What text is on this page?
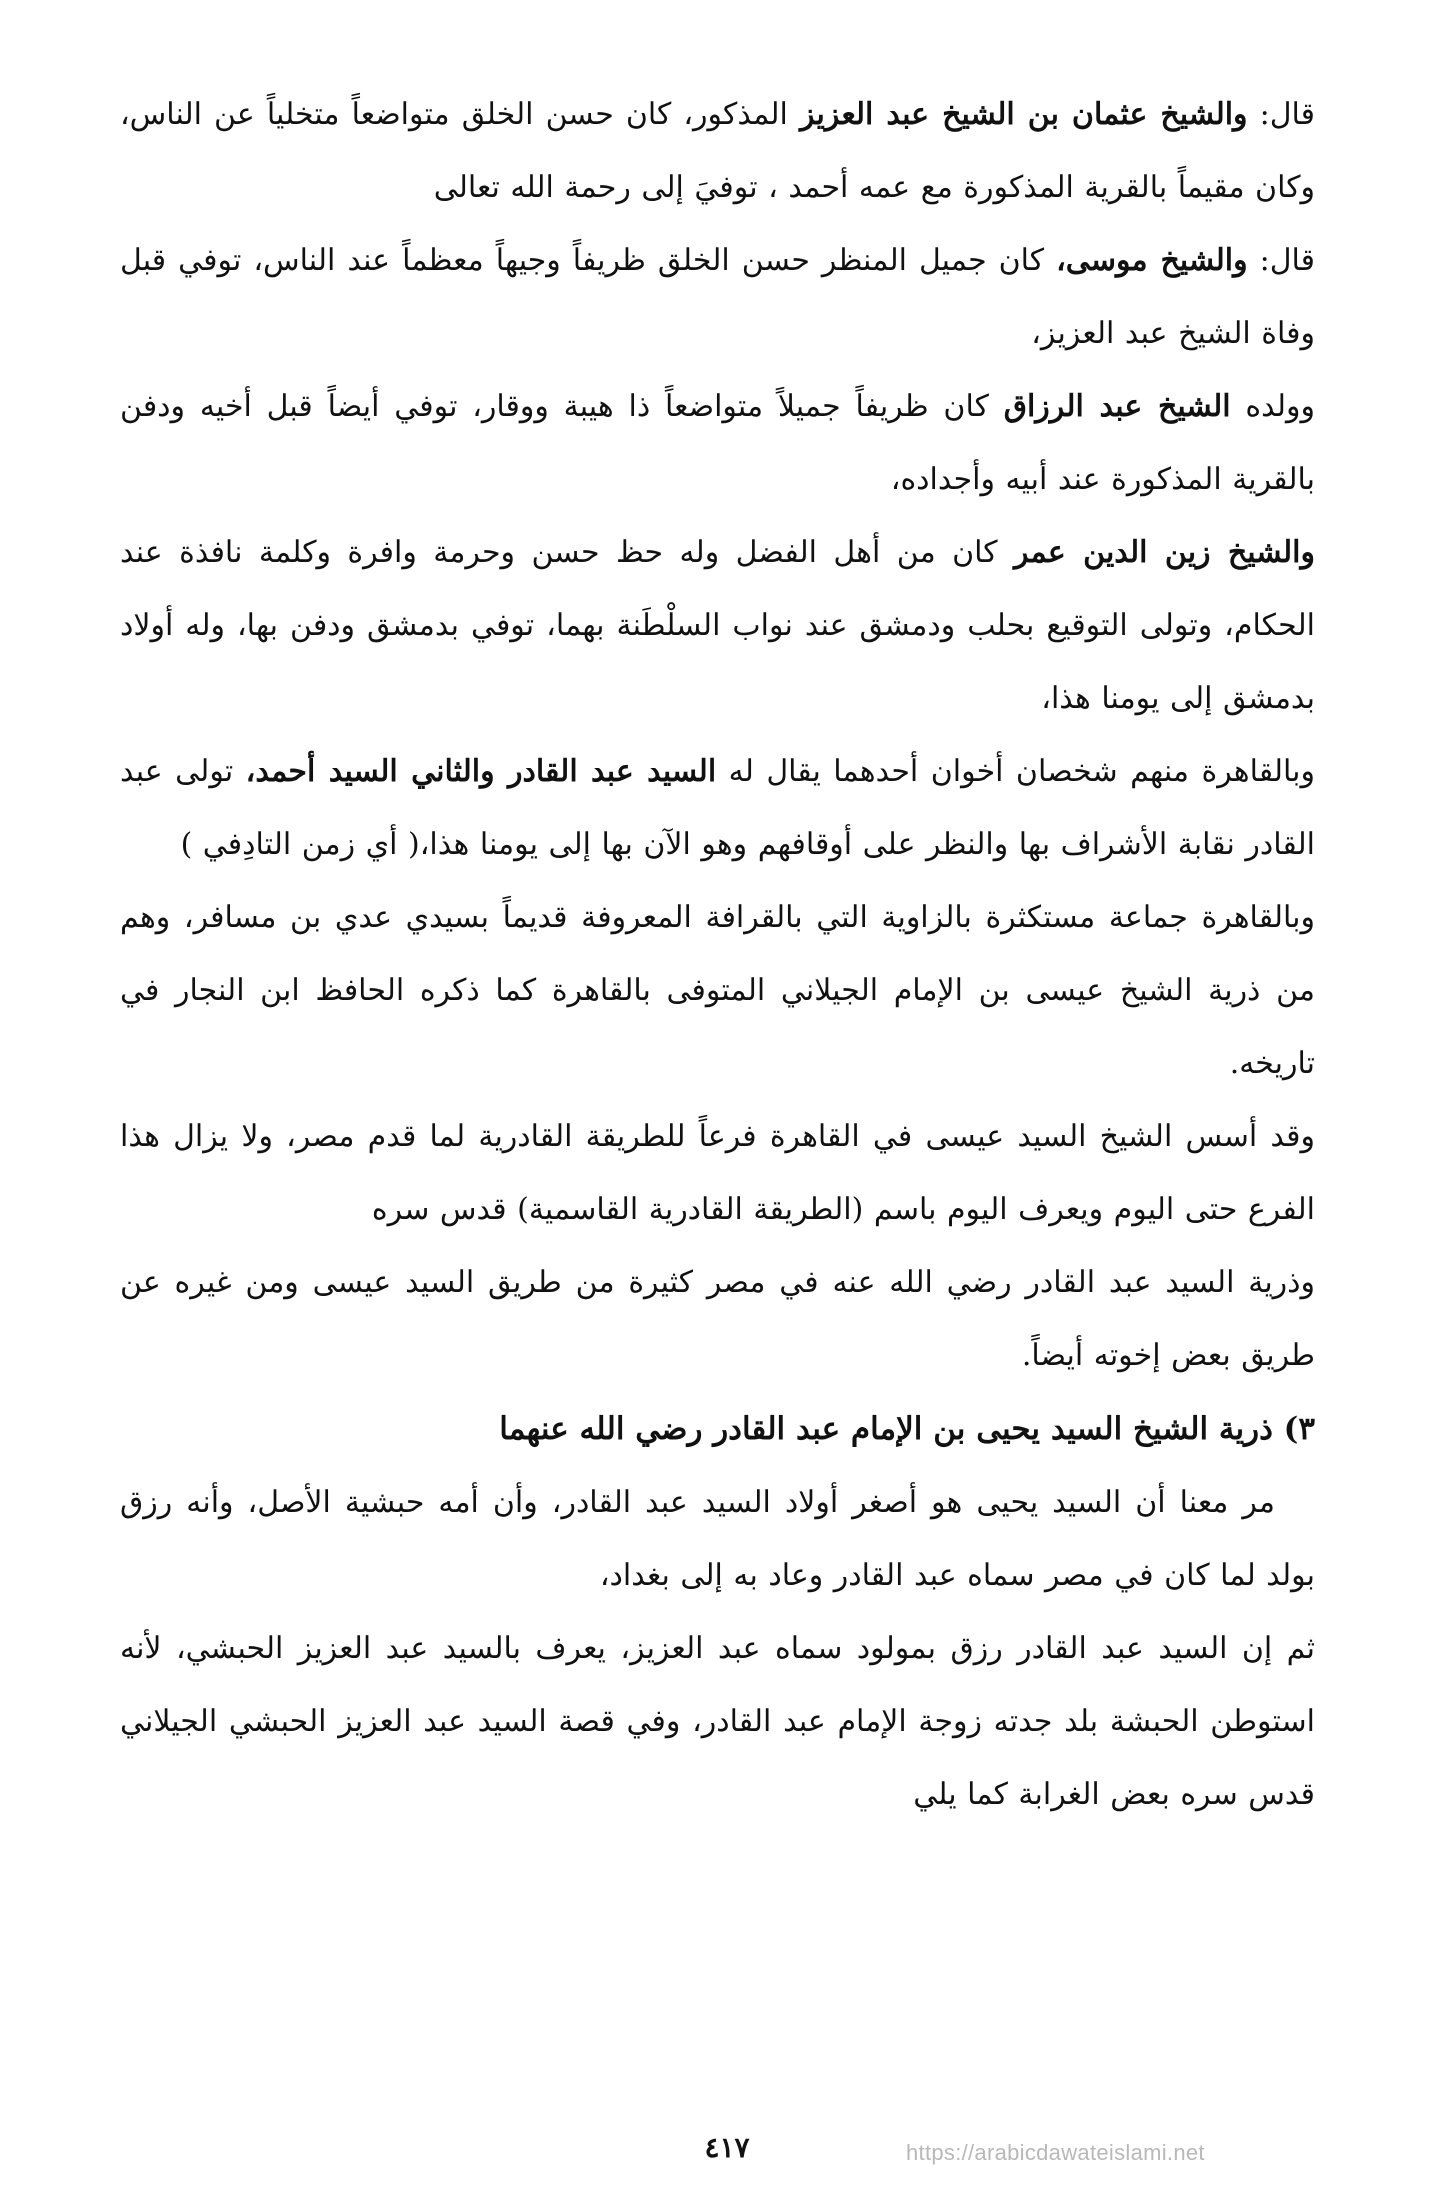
قال: والشيخ عثمان بن الشيخ عبد العزيز المذكور، كان حسن الخلق متواضعاً متخلياً عن الناس، وكان مقيماً بالقرية المذكورة مع عمه أحمد ، توفيَ إلى رحمة الله تعالى

قال: والشيخ موسى، كان جميل المنظر حسن الخلق ظريفاً وجيهاً معظماً عند الناس، توفي قبل وفاة الشيخ عبد العزيز،

وولده الشيخ عبد الرزاق كان ظريفاً جميلاً متواضعاً ذا هيبة ووقار، توفي أيضاً قبل أخيه ودفن بالقرية المذكورة عند أبيه وأجداده،

والشيخ زين الدين عمر كان من أهل الفضل وله حظ حسن وحرمة وافرة وكلمة نافذة عند الحكام، وتولى التوقيع بحلب ودمشق عند نواب السلْطَنة بهما، توفي بدمشق ودفن بها، وله أولاد بدمشق إلى يومنا هذا،

وبالقاهرة منهم شخصان أخوان أحدهما يقال له السيد عبد القادر والثاني السيد أحمد، تولى عبد القادر نقابة الأشراف بها والنظر على أوقافهم وهو الآن بها إلى يومنا هذا،( أي زمن التادِفي )

وبالقاهرة جماعة مستكثرة بالزاوية التي بالقرافة المعروفة قديماً بسيدي عدي بن مسافر، وهم من ذرية الشيخ عيسى بن الإمام الجيلاني المتوفى بالقاهرة كما ذكره الحافظ ابن النجار في تاريخه.

وقد أسس الشيخ السيد عيسى في القاهرة فرعاً للطريقة القادرية لما قدم مصر، ولا يزال هذا الفرع حتى اليوم ويعرف اليوم باسم (الطريقة القادرية القاسمية) قدس سره

وذرية السيد عبد القادر رضي الله عنه في مصر كثيرة من طريق السيد عيسى ومن غيره عن طريق بعض إخوته أيضاً.

٣) ذرية الشيخ السيد يحيى بن الإمام عبد القادر رضي الله عنهما

مر معنا أن السيد يحيى هو أصغر أولاد السيد عبد القادر، وأن أمه حبشية الأصل، وأنه رزق بولد لما كان في مصر سماه عبد القادر وعاد به إلى بغداد،

ثم إن السيد عبد القادر رزق بمولود سماه عبد العزيز، يعرف بالسيد عبد العزيز الحبشي، لأنه استوطن الحبشة بلد جدته زوجة الإمام عبد القادر، وفي قصة السيد عبد العزيز الحبشي الجيلاني قدس سره بعض الغرابة كما يلي

٤١٧	https://arabicdawateislami.net
